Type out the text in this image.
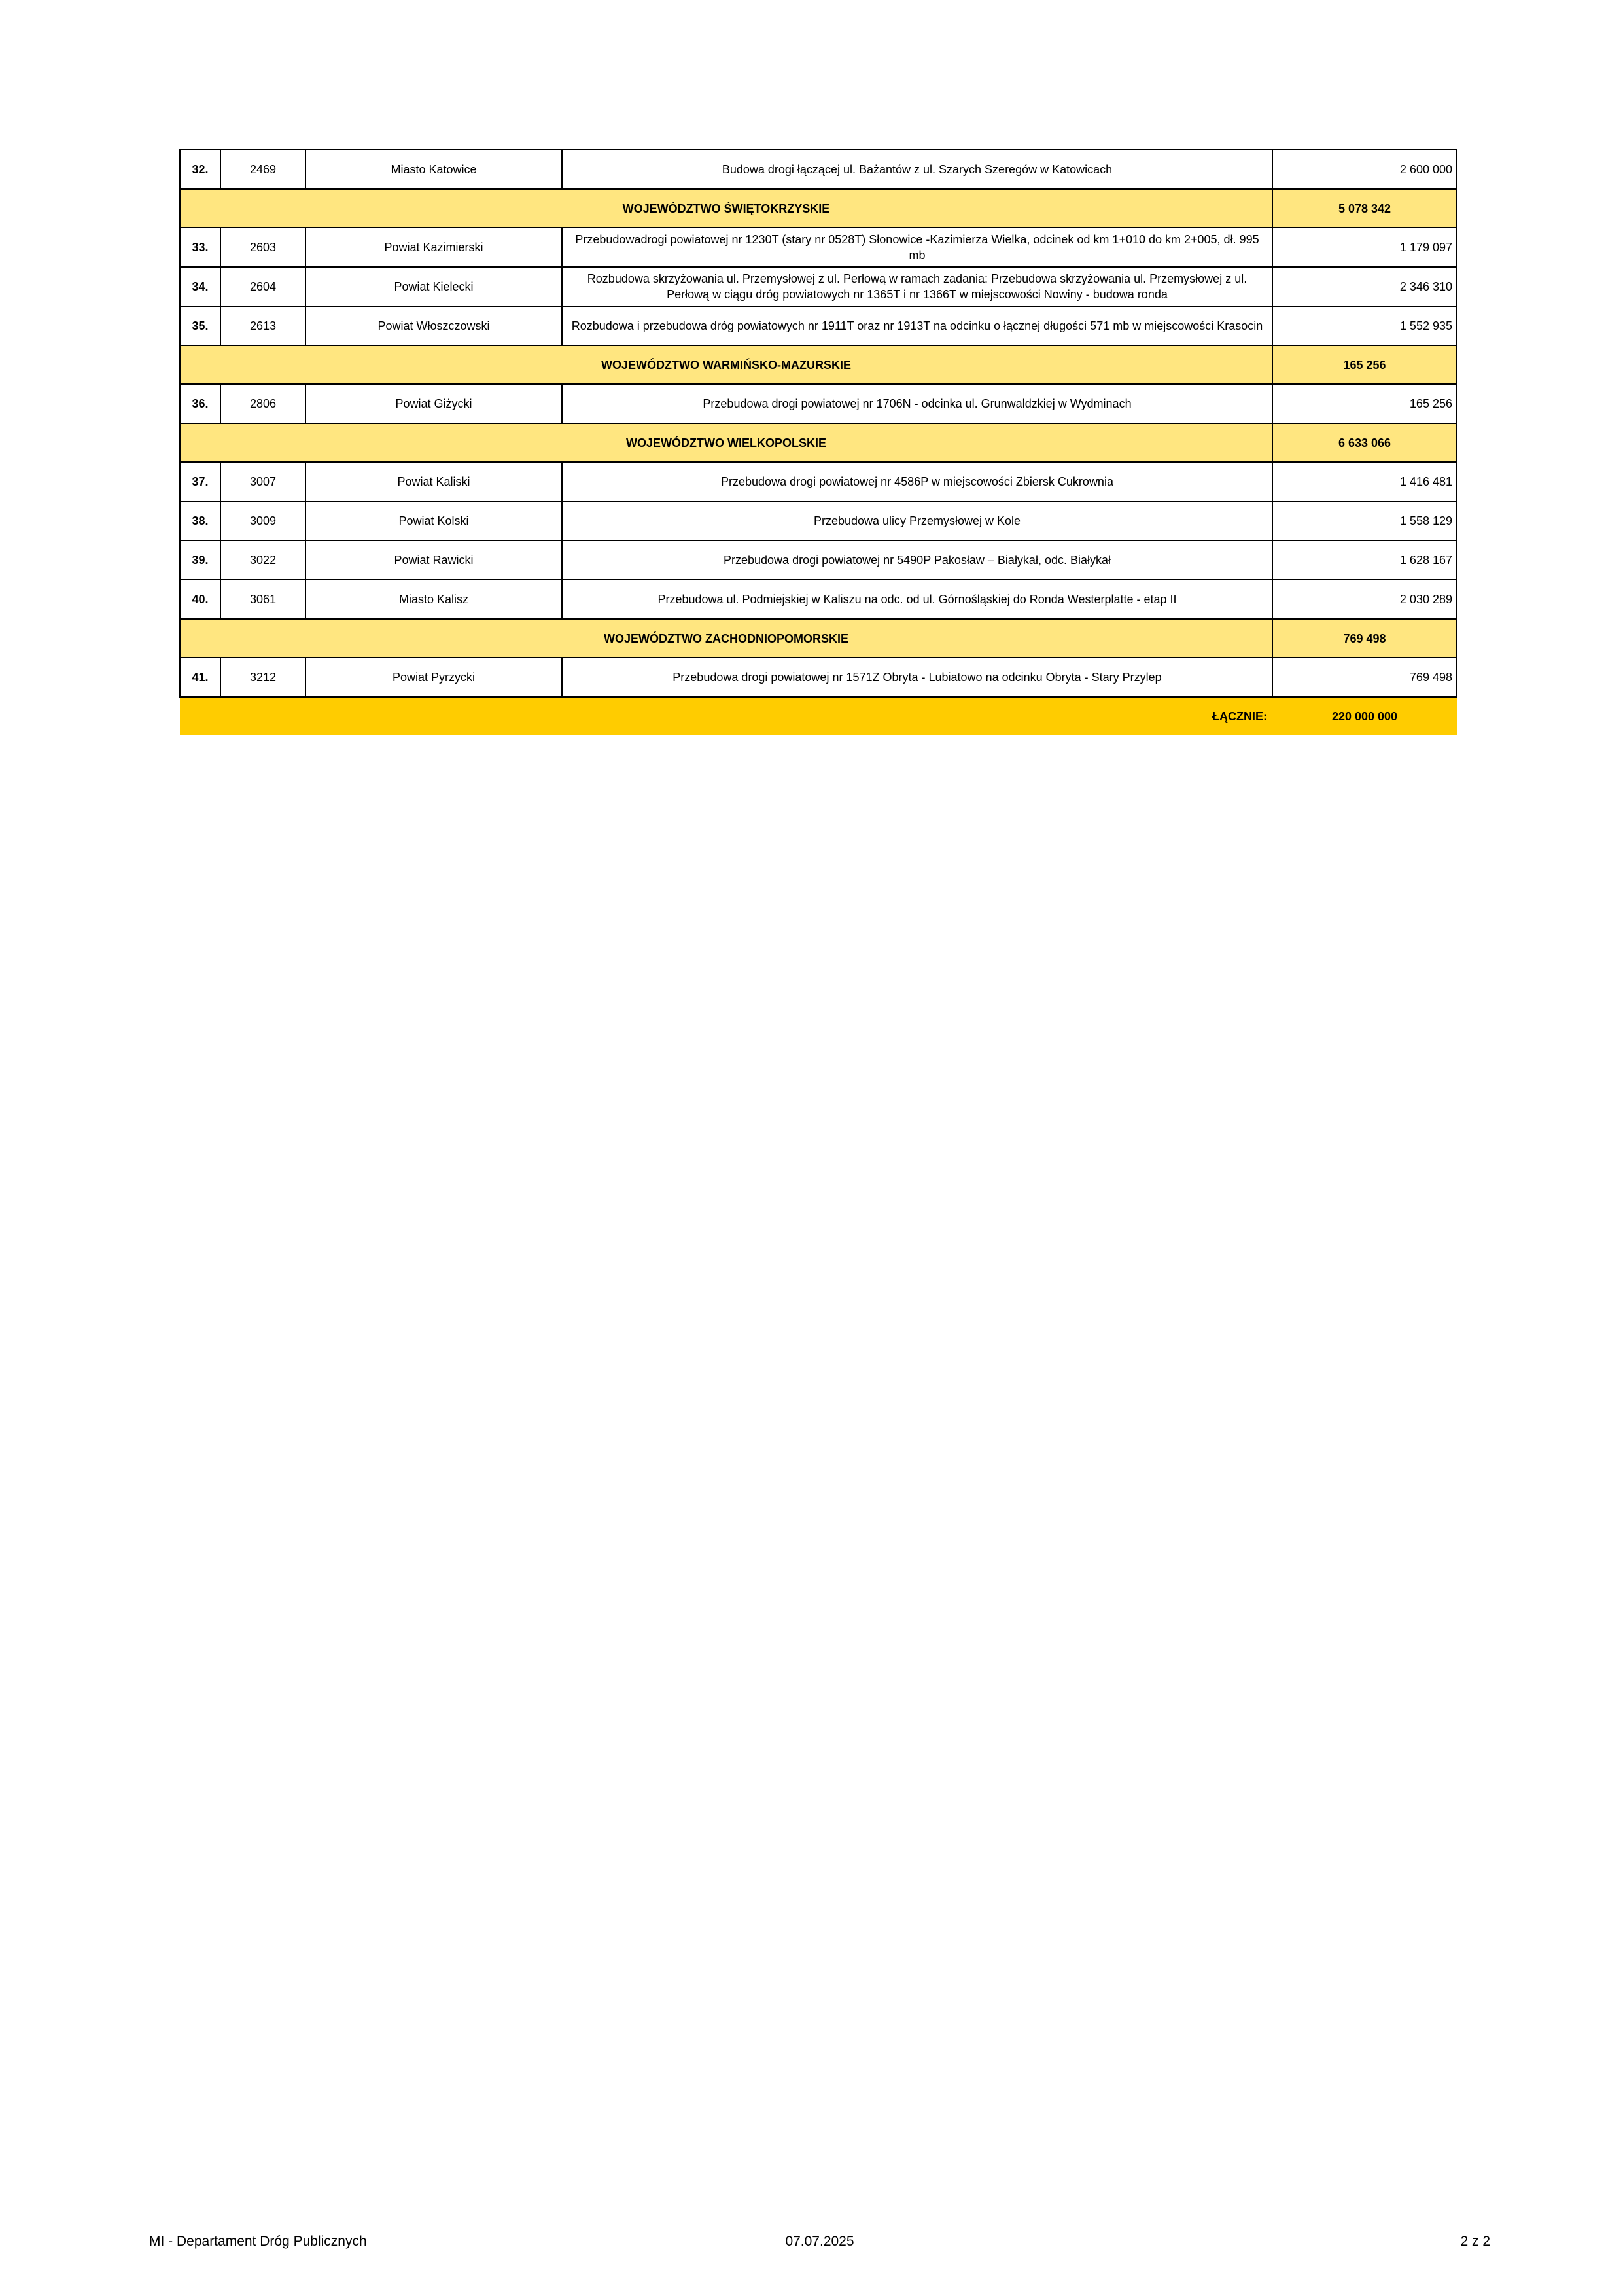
32.	2469	Miasto Katowice	Budowa drogi łączącej ul. Bażantów z ul. Szarych Szeregów w Katowicach	2 600 000
WOJEWÓDZTWO ŚWIĘTOKRZYSKIE				5 078 342
33.	2603	Powiat Kazimierski	Przebudowadrogi powiatowej nr 1230T (stary nr 0528T) Słonowice -Kazimierza Wielka, odcinek od km 1+010 do km 2+005, dł. 995 mb	1 179 097
34.	2604	Powiat Kielecki	Rozbudowa skrzyżowania ul. Przemysłowej z ul. Perłową w ramach zadania: Przebudowa skrzyżowania ul. Przemysłowej z ul. Perłową w ciągu dróg powiatowych nr 1365T i nr 1366T w miejscowości Nowiny - budowa ronda	2 346 310
35.	2613	Powiat Włoszczowski	Rozbudowa i przebudowa dróg powiatowych nr 1911T oraz nr 1913T na odcinku o łącznej długości 571 mb w miejscowości Krasocin	1 552 935
WOJEWÓDZTWO WARMIŃSKO-MAZURSKIE				165 256
36.	2806	Powiat Giżycki	Przebudowa drogi powiatowej nr 1706N - odcinka ul. Grunwaldzkiej w Wydminach	165 256
WOJEWÓDZTWO WIELKOPOLSKIE				6 633 066
37.	3007	Powiat Kaliski	Przebudowa drogi powiatowej nr 4586P w miejscowości Zbiersk Cukrownia	1 416 481
38.	3009	Powiat Kolski	Przebudowa ulicy Przemysłowej w Kole	1 558 129
39.	3022	Powiat Rawicki	Przebudowa drogi powiatowej nr 5490P Pakosław – Białykał, odc. Białykał	1 628 167
40.	3061	Miasto Kalisz	Przebudowa ul. Podmiejskiej w Kaliszu na odc. od ul. Górnośląskiej do Ronda Westerplatte - etap II	2 030 289
WOJEWÓDZTWO ZACHODNIOPOMORSKIE				769 498
41.	3212	Powiat Pyrzycki	Przebudowa drogi powiatowej nr 1571Z Obryta - Lubiatowo na odcinku Obryta - Stary Przylep	769 498
ŁĄCZNIE:				220 000 000
MI - Departament Dróg Publicznych	07.07.2025	2 z 2
